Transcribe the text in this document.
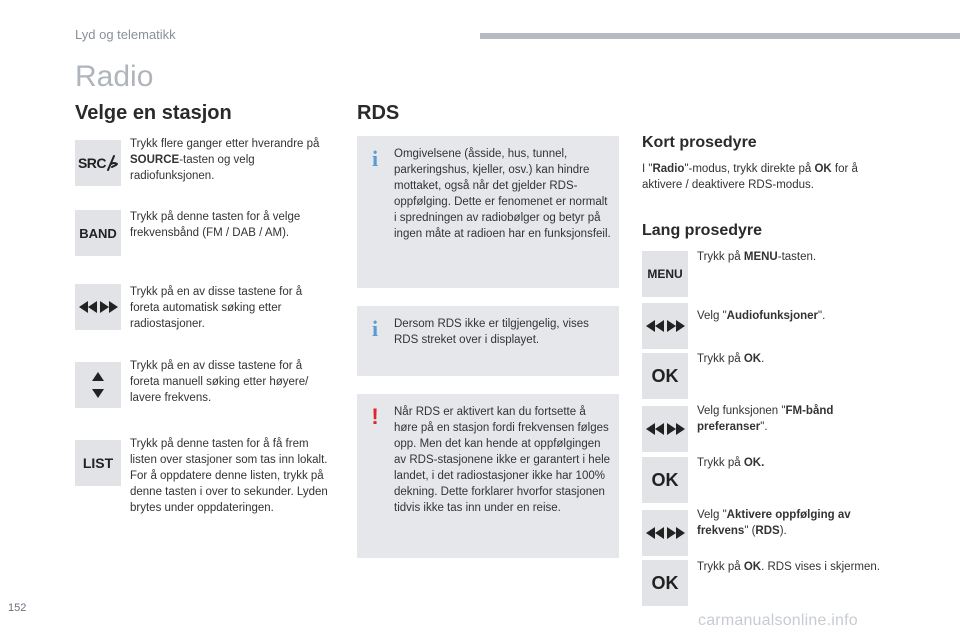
Lyd og telematikk
Radio
Velge en stasjon
SRC
Trykk flere ganger etter hverandre på SOURCE-tasten og velg radiofunksjonen.
BAND
Trykk på denne tasten for å velge frekvensbånd (FM / DAB / AM).
Trykk på en av disse tastene for å foreta automatisk søking etter radiostasjoner.
Trykk på en av disse tastene for å foreta manuell søking etter høyere/ lavere frekvens.
LIST
Trykk på denne tasten for å få frem listen over stasjoner som tas inn lokalt.
For å oppdatere denne listen, trykk på denne tasten i over to sekunder. Lyden brytes under oppdateringen.
RDS
i Omgivelsene (åsside, hus, tunnel, parkeringshus, kjeller, osv.) kan hindre mottaket, også når det gjelder RDS-oppfølging. Dette er fenomenet er normalt i spredningen av radiobølger og betyr på ingen måte at radioen har en funksjonsfeil.
i Dersom RDS ikke er tilgjengelig, vises RDS streket over i displayet.
! Når RDS er aktivert kan du fortsette å høre på en stasjon fordi frekvensen følges opp. Men det kan hende at oppfølgingen av RDS-stasjonene ikke er garantert i hele landet, i det radiostasjoner ikke har 100% dekning. Dette forklarer hvorfor stasjonen tidvis ikke tas inn under en reise.
Kort prosedyre
I "Radio"-modus, trykk direkte på OK for å aktivere / deaktivere RDS-modus.
Lang prosedyre
MENU
Trykk på MENU-tasten.
Velg "Audiofunksjoner".
OK
Trykk på OK.
Velg funksjonen "FM-bånd preferanser".
OK
Trykk på OK.
Velg "Aktivere oppfølging av frekvens" (RDS).
OK
Trykk på OK. RDS vises i skjermen.
152
carmanualsonline.info
